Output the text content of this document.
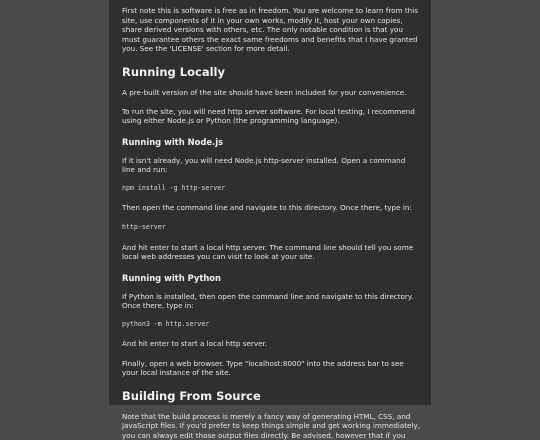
First note this is software is free as in freedom. You are welcome to learn from this site, use components of it in your own works, modify it, host your own copies, share derived versions with others, etc. The only notable condition is that you must guarantee others the exact same freedoms and benefits that I have granted you. See the 'LICENSE' section for more detail.

Running Locally

A pre-built version of the site should have been included for your convenience.

To run the site, you will need http server software. For local testing, I recommend using either Node.js or Python (the programming language).

Running with Node.js

If it isn't already, you will need Node.js http-server installed. Open a command line and run:

npm install -g http-server

Then open the command line and navigate to this directory. Once there, type in:

http-server

And hit enter to start a local http server. The command line should tell you some local web addresses you can visit to look at your site.

Running with Python

If Python is installed, then open the command line and navigate to this directory. Once there, type in:

python3 -m http.server

And hit enter to start a local http server.

Finally, open a web browser. Type "localhost:8000" into the address bar to see your local instance of the site.

Building From Source

Note that the build process is merely a fancy way of generating HTML, CSS, and JavaScript files. If you'd prefer to keep things simple and get working immediately, you can always edit those output files directly. Be advised, however that if you
